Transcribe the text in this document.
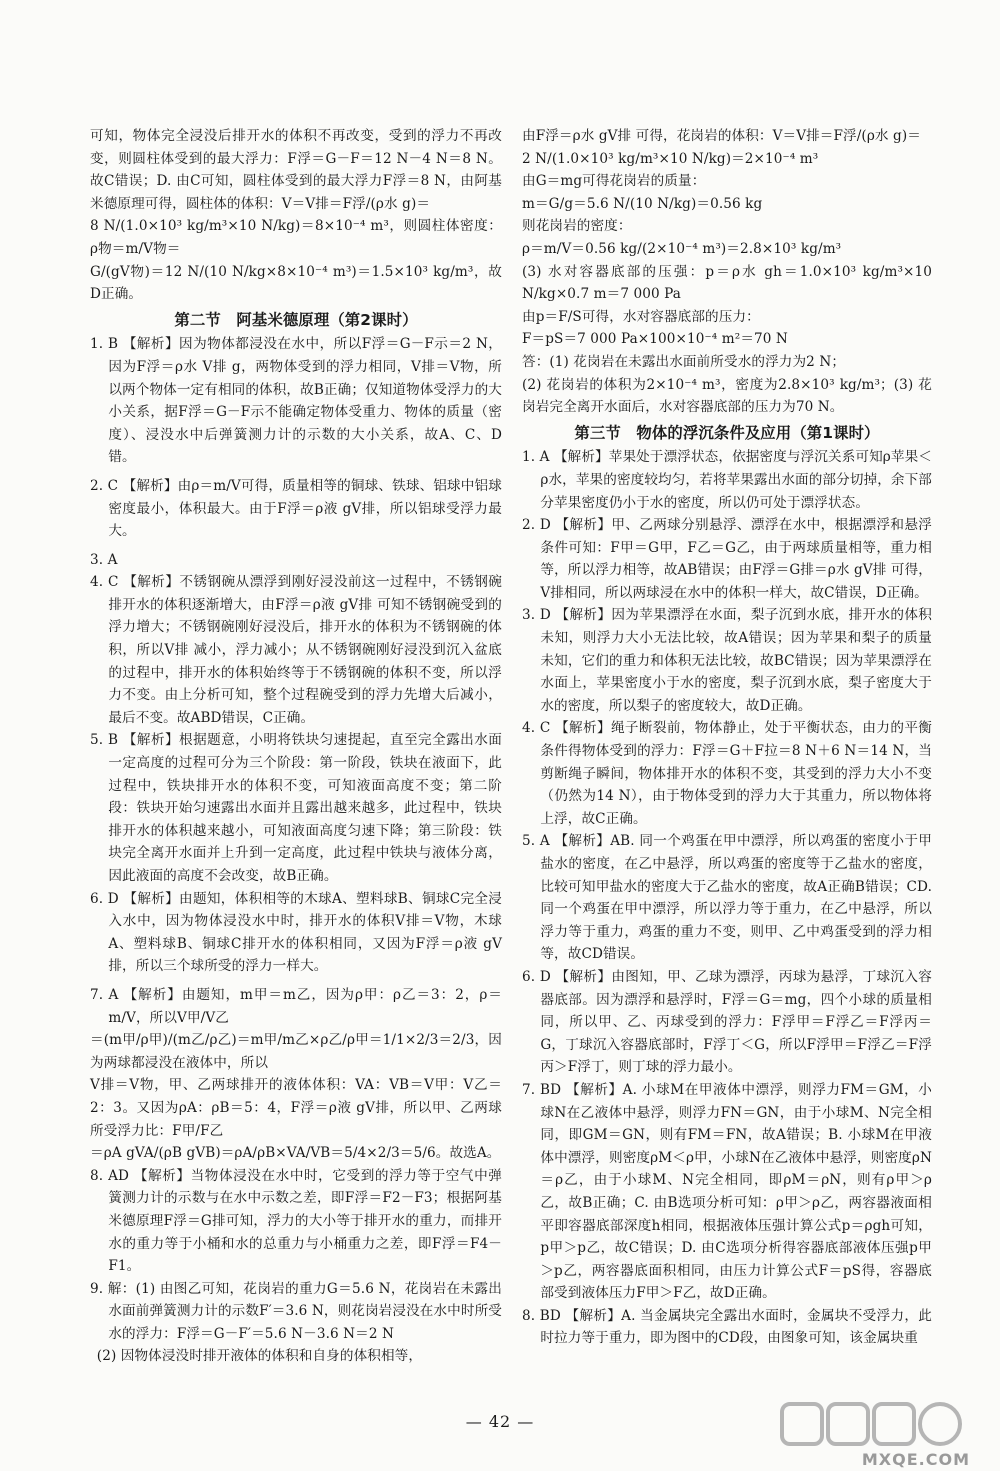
可知，物体完全浸没后排开水的体积不再改变，受到的浮力不再改变，则圆柱体受到的最大浮力：F浮＝G－F＝12 N－4 N＝8 N。故C错误；D. 由C可知，圆柱体受到的最大浮力F浮＝8 N，由阿基米德原理可得，圆柱体的体积：V＝V排＝F浮/(ρ水 g)＝

8 N/(1.0×10³ kg/m³×10 N/kg)＝8×10⁻⁴ m³，则圆柱体密度：ρ物＝m/V物＝

G/(gV物)＝12 N/(10 N/kg×8×10⁻⁴ m³)＝1.5×10³ kg/m³，故D正确。

第二节　阿基米德原理（第2课时）

1. B 【解析】因为物体都浸没在水中，所以F浮＝G－F示＝2 N，因为F浮＝ρ水 V排 g，两物体受到的浮力相同，V排＝V物，所以两个物体一定有相同的体积，故B正确；仅知道物体受浮力的大小关系，据F浮＝G－F示不能确定物体受重力、物体的质量（密度）、浸没水中后弹簧测力计的示数的大小关系，故A、C、D错。

2. C 【解析】由ρ＝m/V可得，质量相等的铜球、铁球、铝球中铝球密度最小，体积最大。由于F浮＝ρ液 gV排，所以铝球受浮力最大。

3. A

4. C 【解析】不锈钢碗从漂浮到刚好浸没前这一过程中，不锈钢碗排开水的体积逐渐增大，由F浮＝ρ液 gV排 可知不锈钢碗受到的浮力增大；不锈钢碗刚好浸没后，排开水的体积为不锈钢碗的体积，所以V排 减小，浮力减小；从不锈钢碗刚好浸没到沉入盆底的过程中，排开水的体积始终等于不锈钢碗的体积不变，所以浮力不变。由上分析可知，整个过程碗受到的浮力先增大后减小，最后不变。故ABD错误，C正确。

5. B 【解析】根据题意，小明将铁块匀速提起，直至完全露出水面一定高度的过程可分为三个阶段：第一阶段，铁块在液面下，此过程中，铁块排开水的体积不变，可知液面高度不变；第二阶段：铁块开始匀速露出水面并且露出越来越多，此过程中，铁块排开水的体积越来越小，可知液面高度匀速下降；第三阶段：铁块完全离开水面并上升到一定高度，此过程中铁块与液体分离，因此液面的高度不会改变，故B正确。

6. D 【解析】由题知，体积相等的木球A、塑料球B、铜球C完全浸入水中，因为物体浸没水中时，排开水的体积V排＝V物，木球A、塑料球B、铜球C排开水的体积相同，又因为F浮＝ρ液 gV排，所以三个球所受的浮力一样大。

7. A 【解析】由题知，m甲＝m乙，因为ρ甲：ρ乙＝3：2，ρ＝m/V，所以V甲/V乙

＝(m甲/ρ甲)/(m乙/ρ乙)＝m甲/m乙×ρ乙/ρ甲＝1/1×2/3＝2/3，因为两球都浸没在液体中，所以

V排＝V物，甲、乙两球排开的液体体积：VA：VB＝V甲：V乙＝2：3。又因为ρA：ρB＝5：4，F浮＝ρ液 gV排，所以甲、乙两球所受浮力比：F甲/F乙

＝ρA gVA/(ρB gVB)＝ρA/ρB×VA/VB＝5/4×2/3＝5/6。故选A。

8. AD 【解析】当物体浸没在水中时，它受到的浮力等于空气中弹簧测力计的示数与在水中示数之差，即F浮＝F2－F3；根据阿基米德原理F浮＝G排可知，浮力的大小等于排开水的重力，而排开水的重力等于小桶和水的总重力与小桶重力之差，即F浮＝F4－F1。

9. 解：(1) 由图乙可知，花岗岩的重力G＝5.6 N，花岗岩在未露出水面前弹簧测力计的示数F′＝3.6 N，则花岗岩浸没在水中时所受水的浮力：F浮＝G－F′＝5.6 N－3.6 N＝2 N

(2) 因物体浸没时排开液体的体积和自身的体积相等，

由F浮＝ρ水 gV排 可得，花岗岩的体积：V＝V排＝F浮/(ρ水 g)＝

2 N/(1.0×10³ kg/m³×10 N/kg)＝2×10⁻⁴ m³

由G＝mg可得花岗岩的质量：

m＝G/g＝5.6 N/(10 N/kg)＝0.56 kg

则花岗岩的密度：

ρ＝m/V＝0.56 kg/(2×10⁻⁴ m³)＝2.8×10³ kg/m³

(3) 水对容器底部的压强：p＝ρ水 gh＝1.0×10³ kg/m³×10 N/kg×0.7 m＝7 000 Pa

由p＝F/S可得，水对容器底部的压力：

F＝pS＝7 000 Pa×100×10⁻⁴ m²＝70 N

答：(1) 花岗岩在未露出水面前所受水的浮力为2 N；

(2) 花岗岩的体积为2×10⁻⁴ m³，密度为2.8×10³ kg/m³；(3) 花岗岩完全离开水面后，水对容器底部的压力为70 N。

第三节　物体的浮沉条件及应用（第1课时）

1. A 【解析】苹果处于漂浮状态，依据密度与浮沉关系可知ρ苹果＜ρ水，苹果的密度较均匀，若将苹果露出水面的部分切掉，余下部分苹果密度仍小于水的密度，所以仍可处于漂浮状态。

2. D 【解析】甲、乙两球分别悬浮、漂浮在水中，根据漂浮和悬浮条件可知：F甲＝G甲，F乙＝G乙，由于两球质量相等，重力相等，所以浮力相等，故AB错误；由F浮＝G排＝ρ水 gV排 可得，V排相同，所以两球浸在水中的体积一样大，故C错误，D正确。

3. D 【解析】因为苹果漂浮在水面，梨子沉到水底，排开水的体积未知，则浮力大小无法比较，故A错误；因为苹果和梨子的质量未知，它们的重力和体积无法比较，故BC错误；因为苹果漂浮在水面上，苹果密度小于水的密度，梨子沉到水底，梨子密度大于水的密度，所以梨子的密度较大，故D正确。

4. C 【解析】绳子断裂前，物体静止，处于平衡状态，由力的平衡条件得物体受到的浮力：F浮＝G＋F拉＝8 N＋6 N＝14 N，当剪断绳子瞬间，物体排开水的体积不变，其受到的浮力大小不变（仍然为14 N），由于物体受到的浮力大于其重力，所以物体将上浮，故C正确。

5. A 【解析】AB. 同一个鸡蛋在甲中漂浮，所以鸡蛋的密度小于甲盐水的密度，在乙中悬浮，所以鸡蛋的密度等于乙盐水的密度，比较可知甲盐水的密度大于乙盐水的密度，故A正确B错误；CD. 同一个鸡蛋在甲中漂浮，所以浮力等于重力，在乙中悬浮，所以浮力等于重力，鸡蛋的重力不变，则甲、乙中鸡蛋受到的浮力相等，故CD错误。

6. D 【解析】由图知，甲、乙球为漂浮，丙球为悬浮，丁球沉入容器底部。因为漂浮和悬浮时，F浮＝G＝mg，四个小球的质量相同，所以甲、乙、丙球受到的浮力：F浮甲＝F浮乙＝F浮丙＝G，丁球沉入容器底部时，F浮丁＜G，所以F浮甲＝F浮乙＝F浮丙＞F浮丁，则丁球的浮力最小。

7. BD 【解析】A. 小球M在甲液体中漂浮，则浮力FM＝GM，小球N在乙液体中悬浮，则浮力FN＝GN，由于小球M、N完全相同，即GM＝GN，则有FM＝FN，故A错误；B. 小球M在甲液体中漂浮，则密度ρM＜ρ甲，小球N在乙液体中悬浮，则密度ρN＝ρ乙，由于小球M、N完全相同，即ρM＝ρN，则有ρ甲＞ρ乙，故B正确；C. 由B选项分析可知：ρ甲＞ρ乙，两容器液面相平即容器底部深度h相同，根据液体压强计算公式p＝ρgh可知，p甲＞p乙，故C错误；D. 由C选项分析得容器底部液体压强p甲＞p乙，两容器底面积相同，由压力计算公式F＝pS得，容器底部受到液体压力F甲＞F乙，故D正确。

8. BD 【解析】A. 当金属块完全露出水面时，金属块不受浮力，此时拉力等于重力，即为图中的CD段，由图象可知，该金属块重

— 42 —
MXQE.COM
